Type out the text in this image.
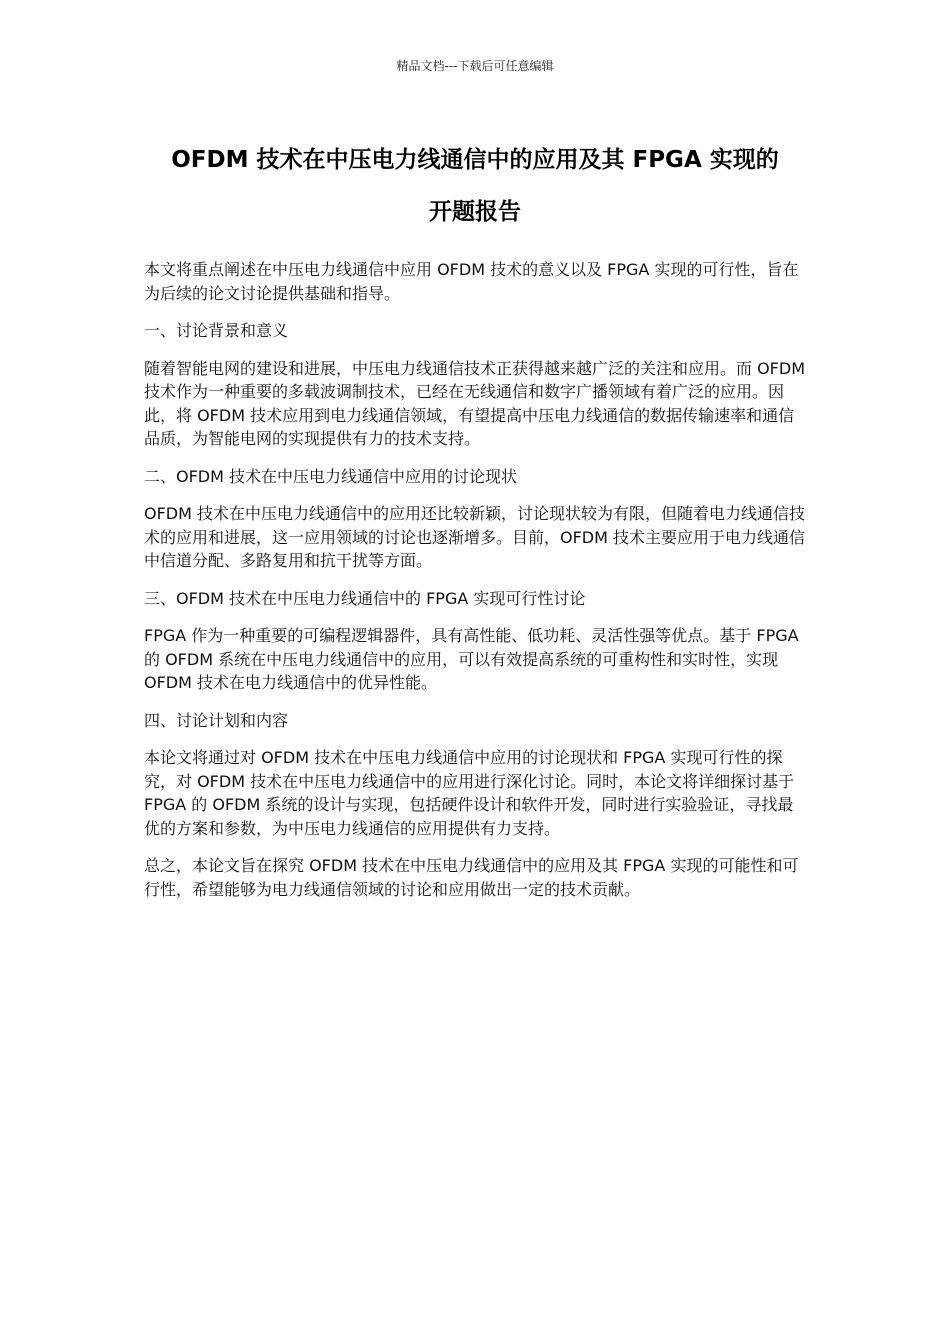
精品文档---下载后可任意编辑
OFDM 技术在中压电力线通信中的应用及其 FPGA 实现的
开题报告

本文将重点阐述在中压电力线通信中应用 OFDM 技术的意义以及 FPGA 实现的可行性，旨在为后续的论文讨论提供基础和指导。

一、讨论背景和意义

随着智能电网的建设和进展，中压电力线通信技术正获得越来越广泛的关注和应用。而 OFDM 技术作为一种重要的多载波调制技术，已经在无线通信和数字广播领域有着广泛的应用。因此，将 OFDM 技术应用到电力线通信领域，有望提高中压电力线通信的数据传输速率和通信品质，为智能电网的实现提供有力的技术支持。

二、OFDM 技术在中压电力线通信中应用的讨论现状

OFDM 技术在中压电力线通信中的应用还比较新颖，讨论现状较为有限，但随着电力线通信技术的应用和进展，这一应用领域的讨论也逐渐增多。目前，OFDM 技术主要应用于电力线通信中信道分配、多路复用和抗干扰等方面。

三、OFDM 技术在中压电力线通信中的 FPGA 实现可行性讨论

FPGA 作为一种重要的可编程逻辑器件，具有高性能、低功耗、灵活性强等优点。基于 FPGA 的 OFDM 系统在中压电力线通信中的应用，可以有效提高系统的可重构性和实时性，实现 OFDM 技术在电力线通信中的优异性能。

四、讨论计划和内容

本论文将通过对 OFDM 技术在中压电力线通信中应用的讨论现状和 FPGA 实现可行性的探究，对 OFDM 技术在中压电力线通信中的应用进行深化讨论。同时，本论文将详细探讨基于 FPGA 的 OFDM 系统的设计与实现，包括硬件设计和软件开发，同时进行实验验证，寻找最优的方案和参数，为中压电力线通信的应用提供有力支持。

总之，本论文旨在探究 OFDM 技术在中压电力线通信中的应用及其 FPGA 实现的可能性和可行性，希望能够为电力线通信领域的讨论和应用做出一定的技术贡献。
